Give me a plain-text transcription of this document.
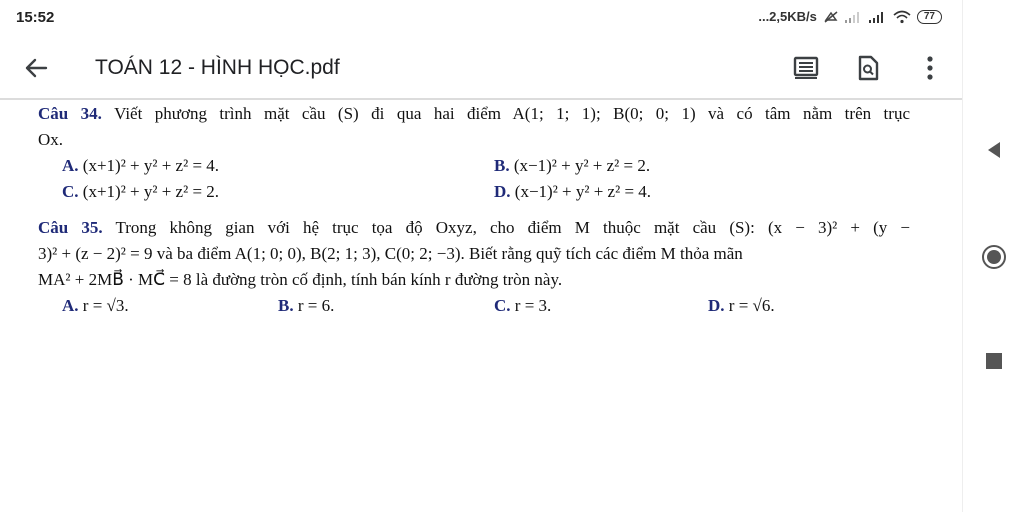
15:52	...2,5KB/s	77
TOÁN 12 - HÌNH HỌC.pdf
Câu 34. Viết phương trình mặt cầu (S) đi qua hai điểm A(1; 1; 1); B(0; 0; 1) và có tâm nằm trên trục
Ox.
A. (x+1)² + y² + z² = 4.	B. (x−1)² + y² + z² = 2.
C. (x+1)² + y² + z² = 2.	D. (x−1)² + y² + z² = 4.
Câu 35. Trong không gian với hệ trục tọa độ Oxyz, cho điểm M thuộc mặt cầu (S): (x − 3)² + (y −
3)² + (z − 2)² = 9 và ba điểm A(1; 0; 0), B(2; 1; 3), C(0; 2; −3). Biết rằng quỹ tích các điểm M thỏa mãn
MA² + 2MB⃗ · MC⃗ = 8 là đường tròn cố định, tính bán kính r đường tròn này.
A. r = √3.	B. r = 6.	C. r = 3.	D. r = √6.
